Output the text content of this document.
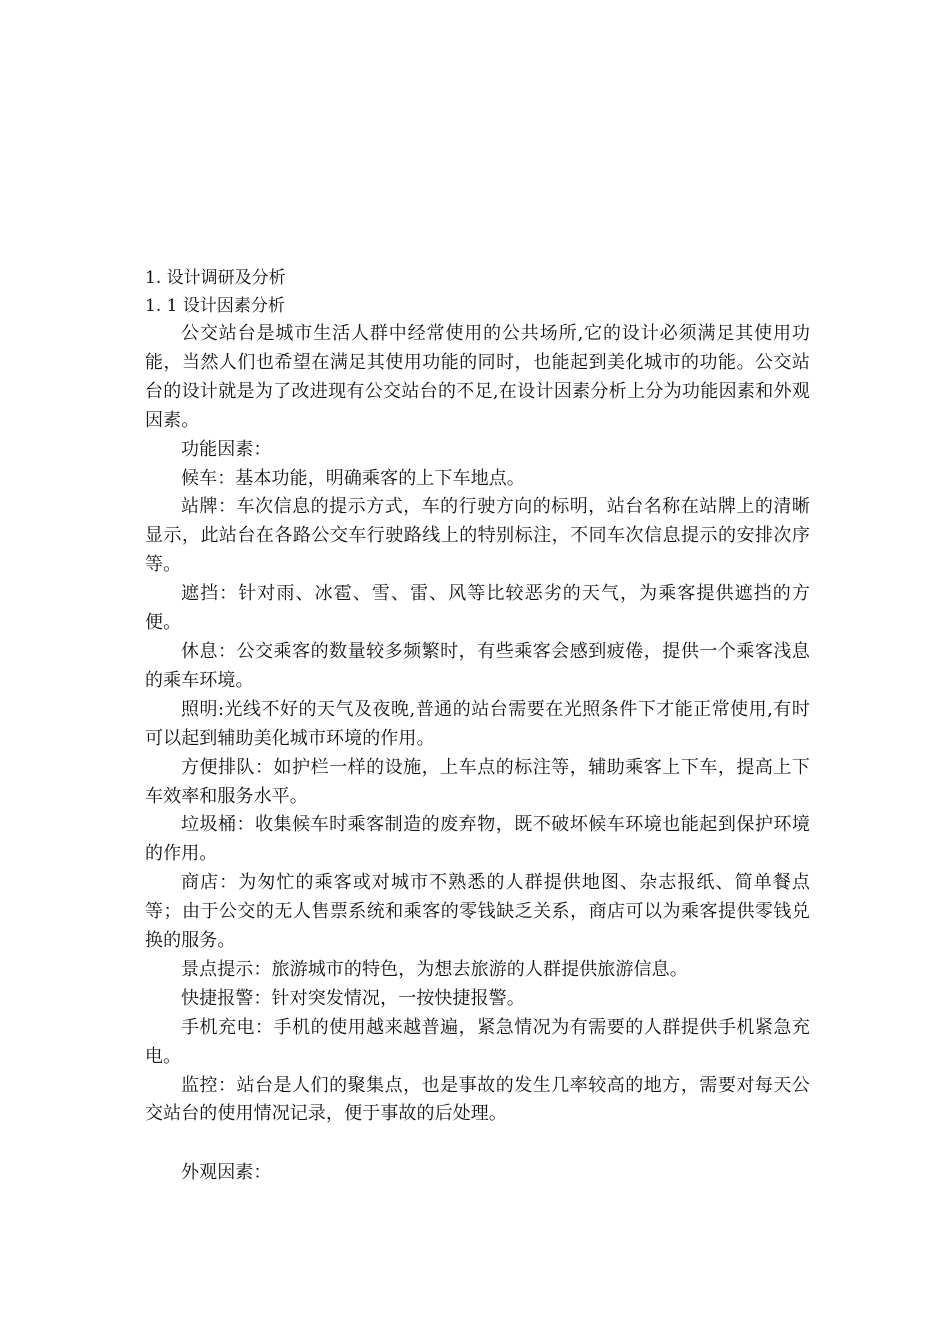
1. 设计调研及分析

1. 1 设计因素分析

公交站台是城市生活人群中经常使用的公共场所,它的设计必须满足其使用功能，当然人们也希望在满足其使用功能的同时，也能起到美化城市的功能。公交站台的设计就是为了改进现有公交站台的不足,在设计因素分析上分为功能因素和外观因素。

功能因素：

候车：基本功能，明确乘客的上下车地点。

站牌：车次信息的提示方式，车的行驶方向的标明，站台名称在站牌上的清晰显示，此站台在各路公交车行驶路线上的特别标注，不同车次信息提示的安排次序等。

遮挡：针对雨、冰雹、雪、雷、风等比较恶劣的天气，为乘客提供遮挡的方便。

休息：公交乘客的数量较多频繁时，有些乘客会感到疲倦，提供一个乘客浅息的乘车环境。

照明:光线不好的天气及夜晚,普通的站台需要在光照条件下才能正常使用,有时可以起到辅助美化城市环境的作用。

方便排队：如护栏一样的设施，上车点的标注等，辅助乘客上下车，提高上下车效率和服务水平。

垃圾桶：收集候车时乘客制造的废弃物，既不破坏候车环境也能起到保护环境的作用。

商店：为匆忙的乘客或对城市不熟悉的人群提供地图、杂志报纸、简单餐点等；由于公交的无人售票系统和乘客的零钱缺乏关系，商店可以为乘客提供零钱兑换的服务。

景点提示：旅游城市的特色，为想去旅游的人群提供旅游信息。

快捷报警：针对突发情况，一按快捷报警。

手机充电：手机的使用越来越普遍，紧急情况为有需要的人群提供手机紧急充电。

监控：站台是人们的聚集点，也是事故的发生几率较高的地方，需要对每天公交站台的使用情况记录，便于事故的后处理。

外观因素：
